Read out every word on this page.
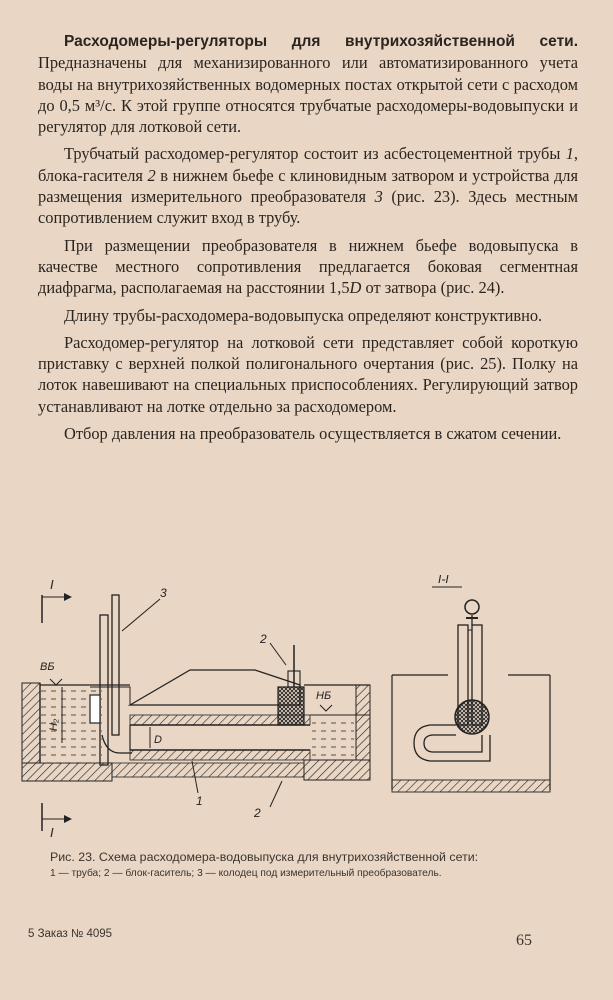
Расходомеры-регуляторы для внутрихозяйственной сети. Предназначены для механизированного или автоматизированного учета воды на внутрихозяйственных водомерных постах открытой сети с расходом до 0,5 м³/с. К этой группе относятся трубчатые расходомеры-водовыпуски и регулятор для лотковой сети.

Трубчатый расходомер-регулятор состоит из асбестоцементной трубы 1, блока-гасителя 2 в нижнем бьефе с клиновидным затвором и устройства для размещения измерительного преобразователя 3 (рис. 23). Здесь местным сопротивлением служит вход в трубу.

При размещении преобразователя в нижнем бьефе водовыпуска в качестве местного сопротивления предлагается боковая сегментная диафрагма, располагаемая на расстоянии 1,5D от затвора (рис. 24).

Длину трубы-расходомера-водовыпуска определяют конструктивно.

Расходомер-регулятор на лотковой сети представляет собой короткую приставку с верхней полкой полигонального очертания (рис. 25). Полку на лоток навешивают на специальных приспособлениях. Регулирующий затвор устанавливают на лотке отдельно за расходомером.

Отбор давления на преобразователь осуществляется в сжатом сечении.

I
I
ВБ
H₂
3
D
1
2
НБ
2
I-I
Рис. 23. Схема расходомера-водовыпуска для внутрихозяйственной сети:
1 — труба; 2 — блок-гаситель; 3 — колодец под измерительный преобразователь.
5 Заказ № 4095	65
